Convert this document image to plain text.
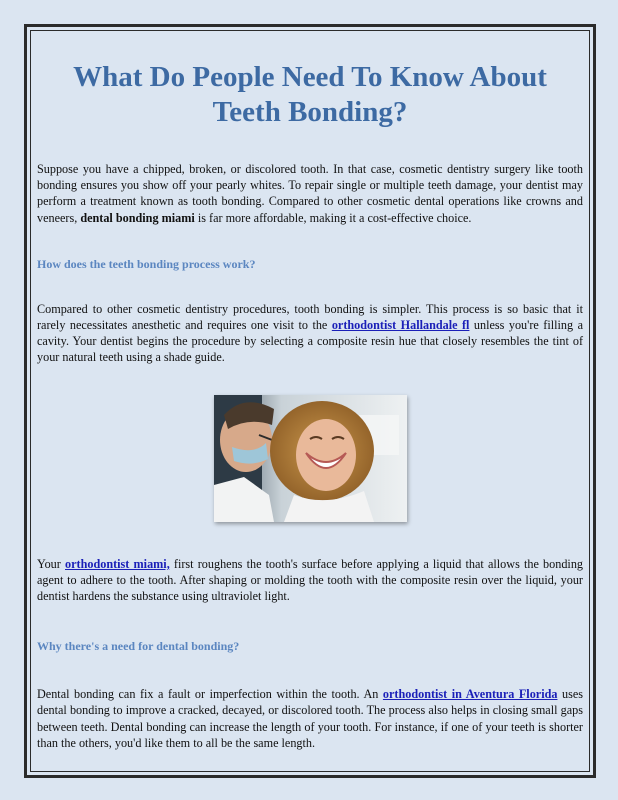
What Do People Need To Know About Teeth Bonding?

Suppose you have a chipped, broken, or discolored tooth. In that case, cosmetic dentistry surgery like tooth bonding ensures you show off your pearly whites. To repair single or multiple teeth damage, your dentist may perform a treatment known as tooth bonding. Compared to other cosmetic dental operations like crowns and veneers, dental bonding miami is far more affordable, making it a cost-effective choice.

How does the teeth bonding process work?

Compared to other cosmetic dentistry procedures, tooth bonding is simpler. This process is so basic that it rarely necessitates anesthetic and requires one visit to the orthodontist Hallandale fl unless you're filling a cavity. Your dentist begins the procedure by selecting a composite resin hue that closely resembles the tint of your natural teeth using a shade guide.

Your orthodontist miami, first roughens the tooth's surface before applying a liquid that allows the bonding agent to adhere to the tooth. After shaping or molding the tooth with the composite resin over the liquid, your dentist hardens the substance using ultraviolet light.

Why there's a need for dental bonding?

Dental bonding can fix a fault or imperfection within the tooth. An orthodontist in Aventura Florida uses dental bonding to improve a cracked, decayed, or discolored tooth. The process also helps in closing small gaps between teeth. Dental bonding can increase the length of your tooth. For instance, if one of your teeth is shorter than the others, you'd like them to all be the same length.
